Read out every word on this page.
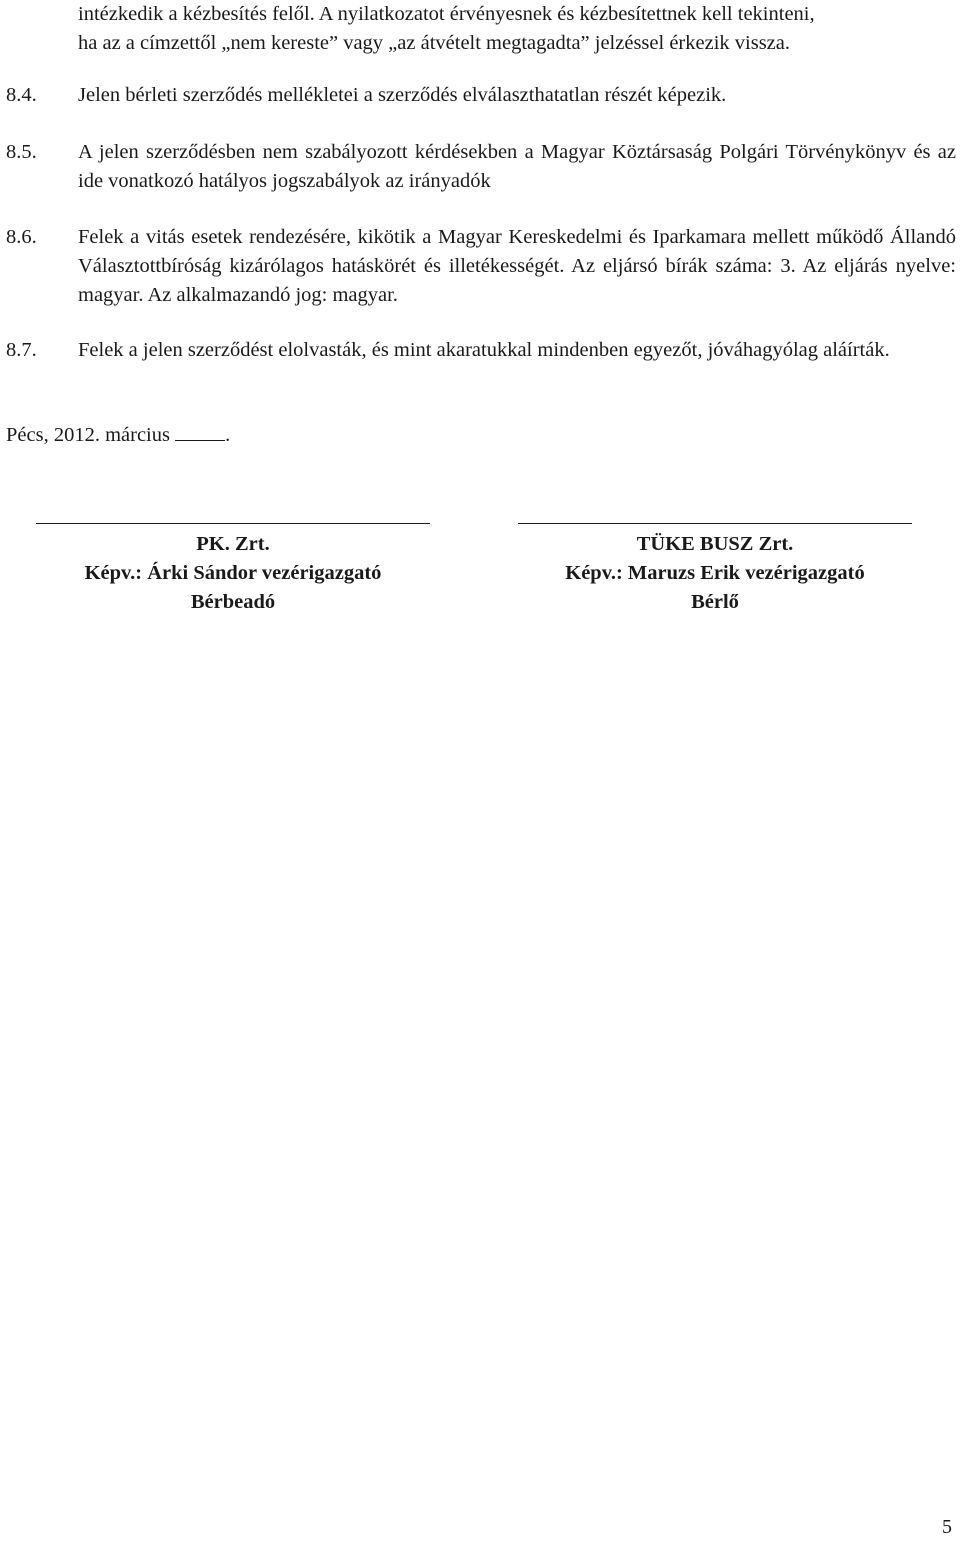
intézkedik a kézbesítés felől. A nyilatkozatot érvényesnek és kézbesítettnek kell tekinteni,
ha az a címzettől „nem kereste” vagy „az átvételt megtagadta” jelzéssel érkezik vissza.
8.4.	Jelen bérleti szerződés mellékletei a szerződés elválaszthatatlan részét képezik.
8.5.	A jelen szerződésben nem szabályozott kérdésekben a Magyar Köztársaság Polgári Törvénykönyv és az ide vonatkozó hatályos jogszabályok az irányadók
8.6.	Felek a vitás esetek rendezésére, kikötik a Magyar Kereskedelmi és Iparkamara mellett működő Állandó Választottbíróság kizárólagos hatáskörét és illetékességét. Az eljársó bírák száma: 3. Az eljárás nyelve: magyar. Az alkalmazandó jog: magyar.
8.7.	Felek a jelen szerződést elolvasták, és mint akaratukkal mindenben egyezőt, jóváhagyólag aláírták.
Pécs, 2012. március	.
PK. Zrt.
Képv.: Árki Sándor vezérigazgató
Bérbeadó
TÜKE BUSZ Zrt.
Képv.: Maruzs Erik vezérigazgató
Bérlő
5
